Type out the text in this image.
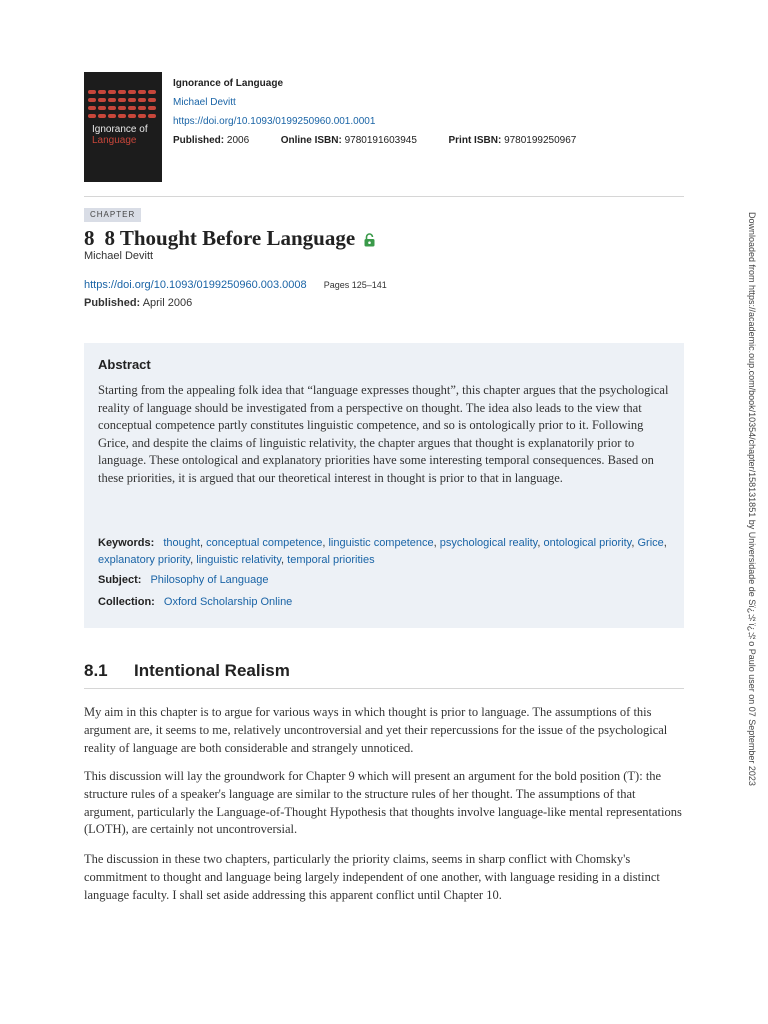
Ignorance of
Language
Ignorance of Language
Michael Devitt
https://doi.org/10.1093/0199250960.001.0001
Published: 2006	Online ISBN: 9780191603945	Print ISBN: 9780199250967
CHAPTER
8 8 Thought Before Language
Michael Devitt
https://doi.org/10.1093/0199250960.003.0008 Pages 125–141
Published: April 2006
Abstract

Starting from the appealing folk idea that “language expresses thought”, this chapter argues that the psychological reality of language should be investigated from a perspective on thought. The idea also leads to the view that conceptual competence partly constitutes linguistic competence, and so is ontologically prior to it. Following Grice, and despite the claims of linguistic relativity, the chapter argues that thought is explanatorily prior to language. These ontological and explanatory priorities have some interesting temporal consequences. Based on these priorities, it is argued that our theoretical interest in thought is prior to that in language.

Keywords: thought, conceptual competence, linguistic competence, psychological reality, ontological priority, Grice, explanatory priority, linguistic relativity, temporal priorities
Subject: Philosophy of Language
Collection: Oxford Scholarship Online
8.1 Intentional Realism

My aim in this chapter is to argue for various ways in which thought is prior to language. The assumptions of this argument are, it seems to me, relatively uncontroversial and yet their repercussions for the issue of the psychological reality of language are both considerable and strangely unnoticed.

This discussion will lay the groundwork for Chapter 9 which will present an argument for the bold position (T): the structure rules of a speaker's language are similar to the structure rules of her thought. The assumptions of that argument, particularly the Language‐of‐Thought Hypothesis that thoughts involve language‐like mental representations (LOTH), are certainly not uncontroversial.

The discussion in these two chapters, particularly the priority claims, seems in sharp conflict with Chomsky's commitment to thought and language being largely independent of one another, with language residing in a distinct language faculty. I shall set aside addressing this apparent conflict until Chapter 10.

Downloaded from https://academic.oup.com/book/10354/chapter/158131851 by Universidade de Sï¿½ï¿½o Paulo user on 07 September 2023
